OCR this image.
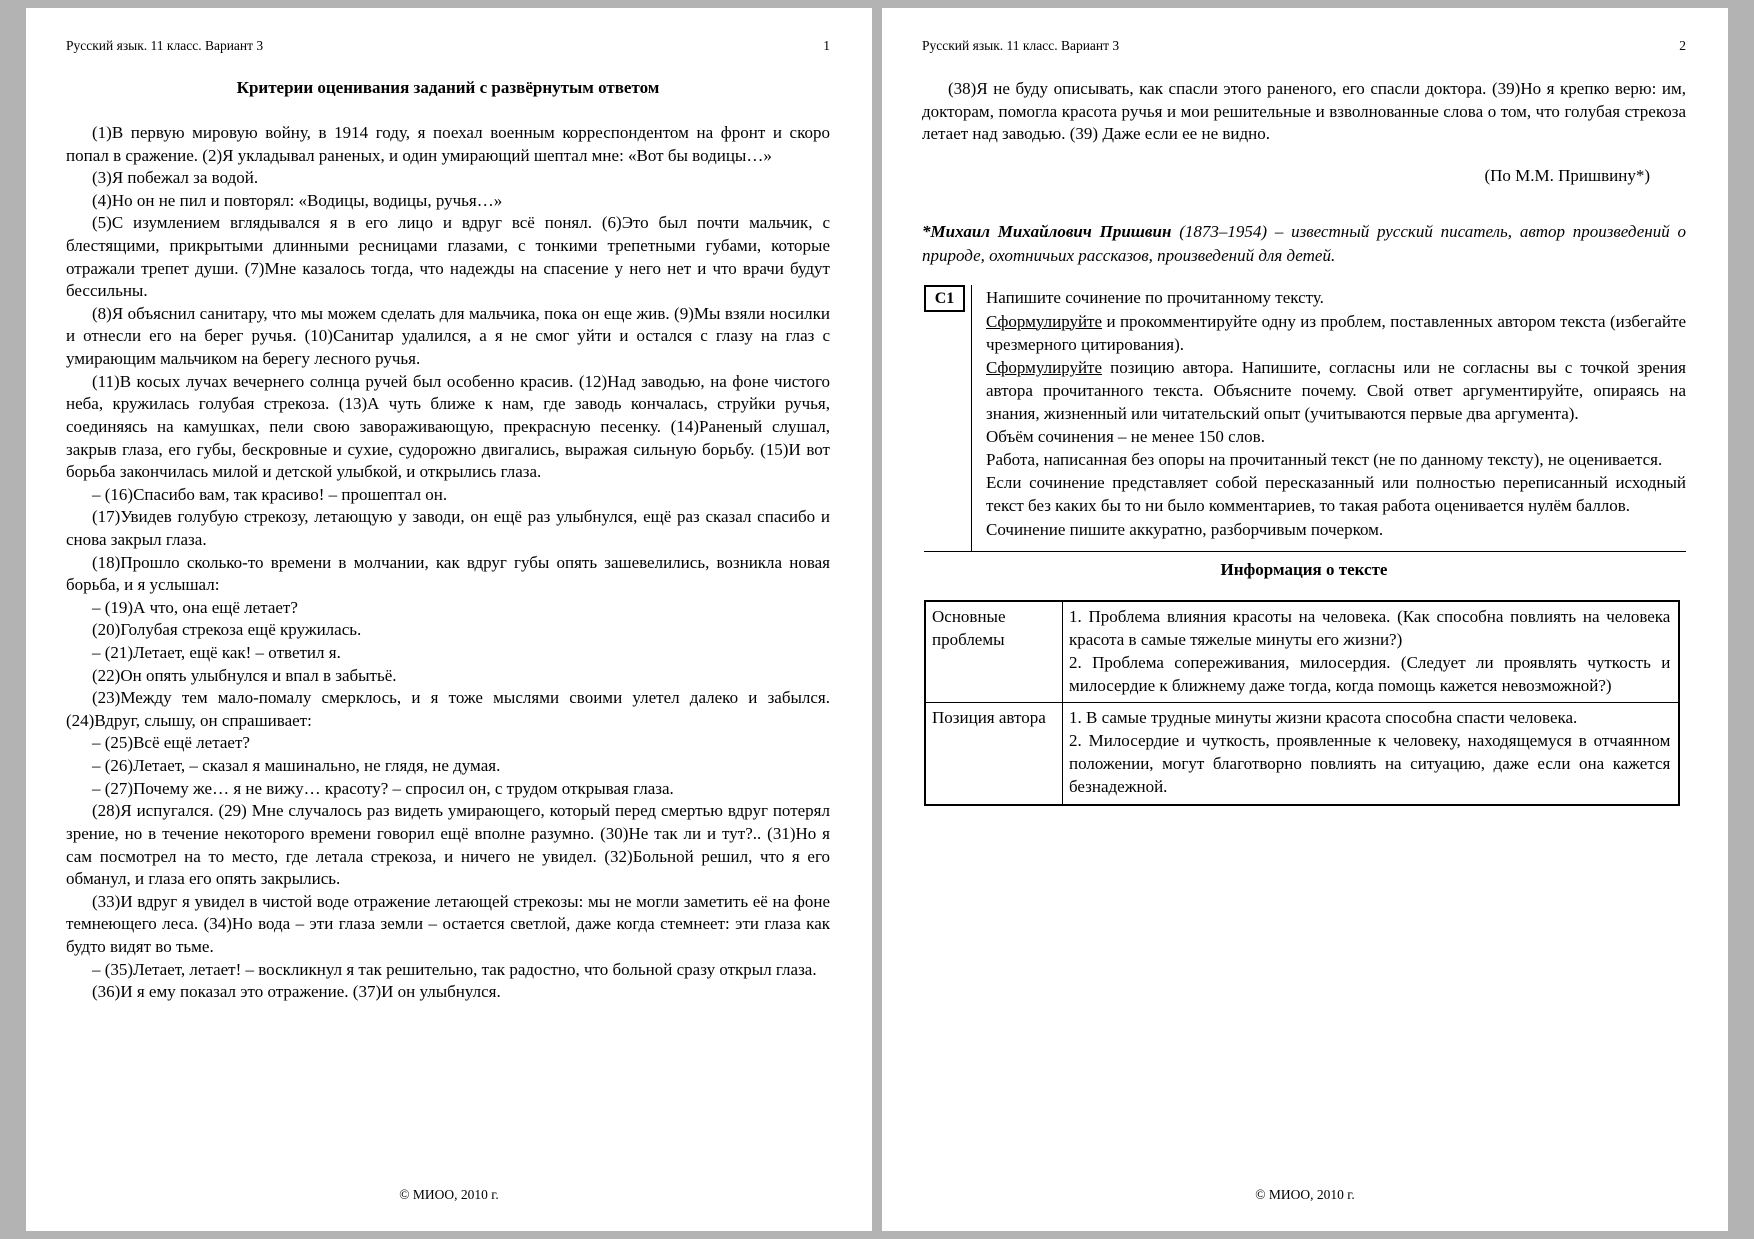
Русский язык. 11 класс. Вариант 3	1
Критерии оценивания заданий с развёрнутым ответом

(1)В первую мировую войну, в 1914 году, я поехал военным корреспондентом на фронт и скоро попал в сражение. (2)Я укладывал раненых, и один умирающий шептал мне: «Вот бы водицы…»

(3)Я побежал за водой.

(4)Но он не пил и повторял: «Водицы, водицы, ручья…»

(5)С изумлением вглядывался я в его лицо и вдруг всё понял. (6)Это был почти мальчик, с блестящими, прикрытыми длинными ресницами глазами, с тонкими трепетными губами, которые отражали трепет души. (7)Мне казалось тогда, что надежды на спасение у него нет и что врачи будут бессильны.

(8)Я объяснил санитару, что мы можем сделать для мальчика, пока он еще жив. (9)Мы взяли носилки и отнесли его на берег ручья. (10)Санитар удалился, а я не смог уйти и остался с глазу на глаз с умирающим мальчиком на берегу лесного ручья.

(11)В косых лучах вечернего солнца ручей был особенно красив. (12)Над заводью, на фоне чистого неба, кружилась голубая стрекоза. (13)А чуть ближе к нам, где заводь кончалась, струйки ручья, соединяясь на камушках, пели свою завораживающую, прекрасную песенку. (14)Раненый слушал, закрыв глаза, его губы, бескровные и сухие, судорожно двигались, выражая сильную борьбу. (15)И вот борьба закончилась милой и детской улыбкой, и открылись глаза.

– (16)Спасибо вам, так красиво! – прошептал он.

(17)Увидев голубую стрекозу, летающую у заводи, он ещё раз улыбнулся, ещё раз сказал спасибо и снова закрыл глаза.

(18)Прошло сколько-то времени в молчании, как вдруг губы опять зашевелились, возникла новая борьба, и я услышал:

– (19)А что, она ещё летает?

(20)Голубая стрекоза ещё кружилась.

– (21)Летает, ещё как! – ответил я.

(22)Он опять улыбнулся и впал в забытьё.

(23)Между тем мало-помалу смерклось, и я тоже мыслями своими улетел далеко и забылся. (24)Вдруг, слышу, он спрашивает:

– (25)Всё ещё летает?

– (26)Летает, – сказал я машинально, не глядя, не думая.

– (27)Почему же… я не вижу… красоту? – спросил он, с трудом открывая глаза.

(28)Я испугался. (29) Мне случалось раз видеть умирающего, который перед смертью вдруг потерял зрение, но в течение некоторого времени говорил ещё вполне разумно. (30)Не так ли и тут?.. (31)Но я сам посмотрел на то место, где летала стрекоза, и ничего не увидел. (32)Больной решил, что я его обманул, и глаза его опять закрылись.

(33)И вдруг я увидел в чистой воде отражение летающей стрекозы: мы не могли заметить её на фоне темнеющего леса. (34)Но вода – эти глаза земли – остается светлой, даже когда стемнеет: эти глаза как будто видят во тьме.

– (35)Летает, летает! – воскликнул я так решительно, так радостно, что больной сразу открыл глаза.

(36)И я ему показал это отражение. (37)И он улыбнулся.

© МИОО, 2010 г.
Русский язык. 11 класс. Вариант 3	2

(38)Я не буду описывать, как спасли этого раненого, его спасли доктора. (39)Но я крепко верю: им, докторам, помогла красота ручья и мои решительные и взволнованные слова о том, что голубая стрекоза летает над заводью. (39) Даже если ее не видно.

(По М.М. Пришвину*)

*Михаил Михайлович Пришвин (1873–1954) – известный русский писатель, автор произведений о природе, охотничьих рассказов, произведений для детей.

С1	Напишите сочинение по прочитанному тексту.

Сформулируйте и прокомментируйте одну из проблем, поставленных автором текста (избегайте чрезмерного цитирования).

Сформулируйте позицию автора. Напишите, согласны или не согласны вы с точкой зрения автора прочитанного текста. Объясните почему. Свой ответ аргументируйте, опираясь на знания, жизненный или читательский опыт (учитываются первые два аргумента).

Объём сочинения – не менее 150 слов.

Работа, написанная без опоры на прочитанный текст (не по данному тексту), не оценивается.

Если сочинение представляет собой пересказанный или полностью переписанный исходный текст без каких бы то ни было комментариев, то такая работа оценивается нулём баллов.

Сочинение пишите аккуратно, разборчивым почерком.

Информация о тексте
Основные проблемы	1. Проблема влияния красоты на человека. (Как способна повлиять на человека красота в самые тяжелые минуты его жизни?)

2. Проблема сопереживания, милосердия. (Следует ли проявлять чуткость и милосердие к ближнему даже тогда, когда помощь кажется невозможной?)

Позиция автора	1. В самые трудные минуты жизни красота способна спасти человека.

2. Милосердие и чуткость, проявленные к человеку, находящемуся в отчаянном положении, могут благотворно повлиять на ситуацию, даже если она кажется безнадежной.

© МИОО, 2010 г.
